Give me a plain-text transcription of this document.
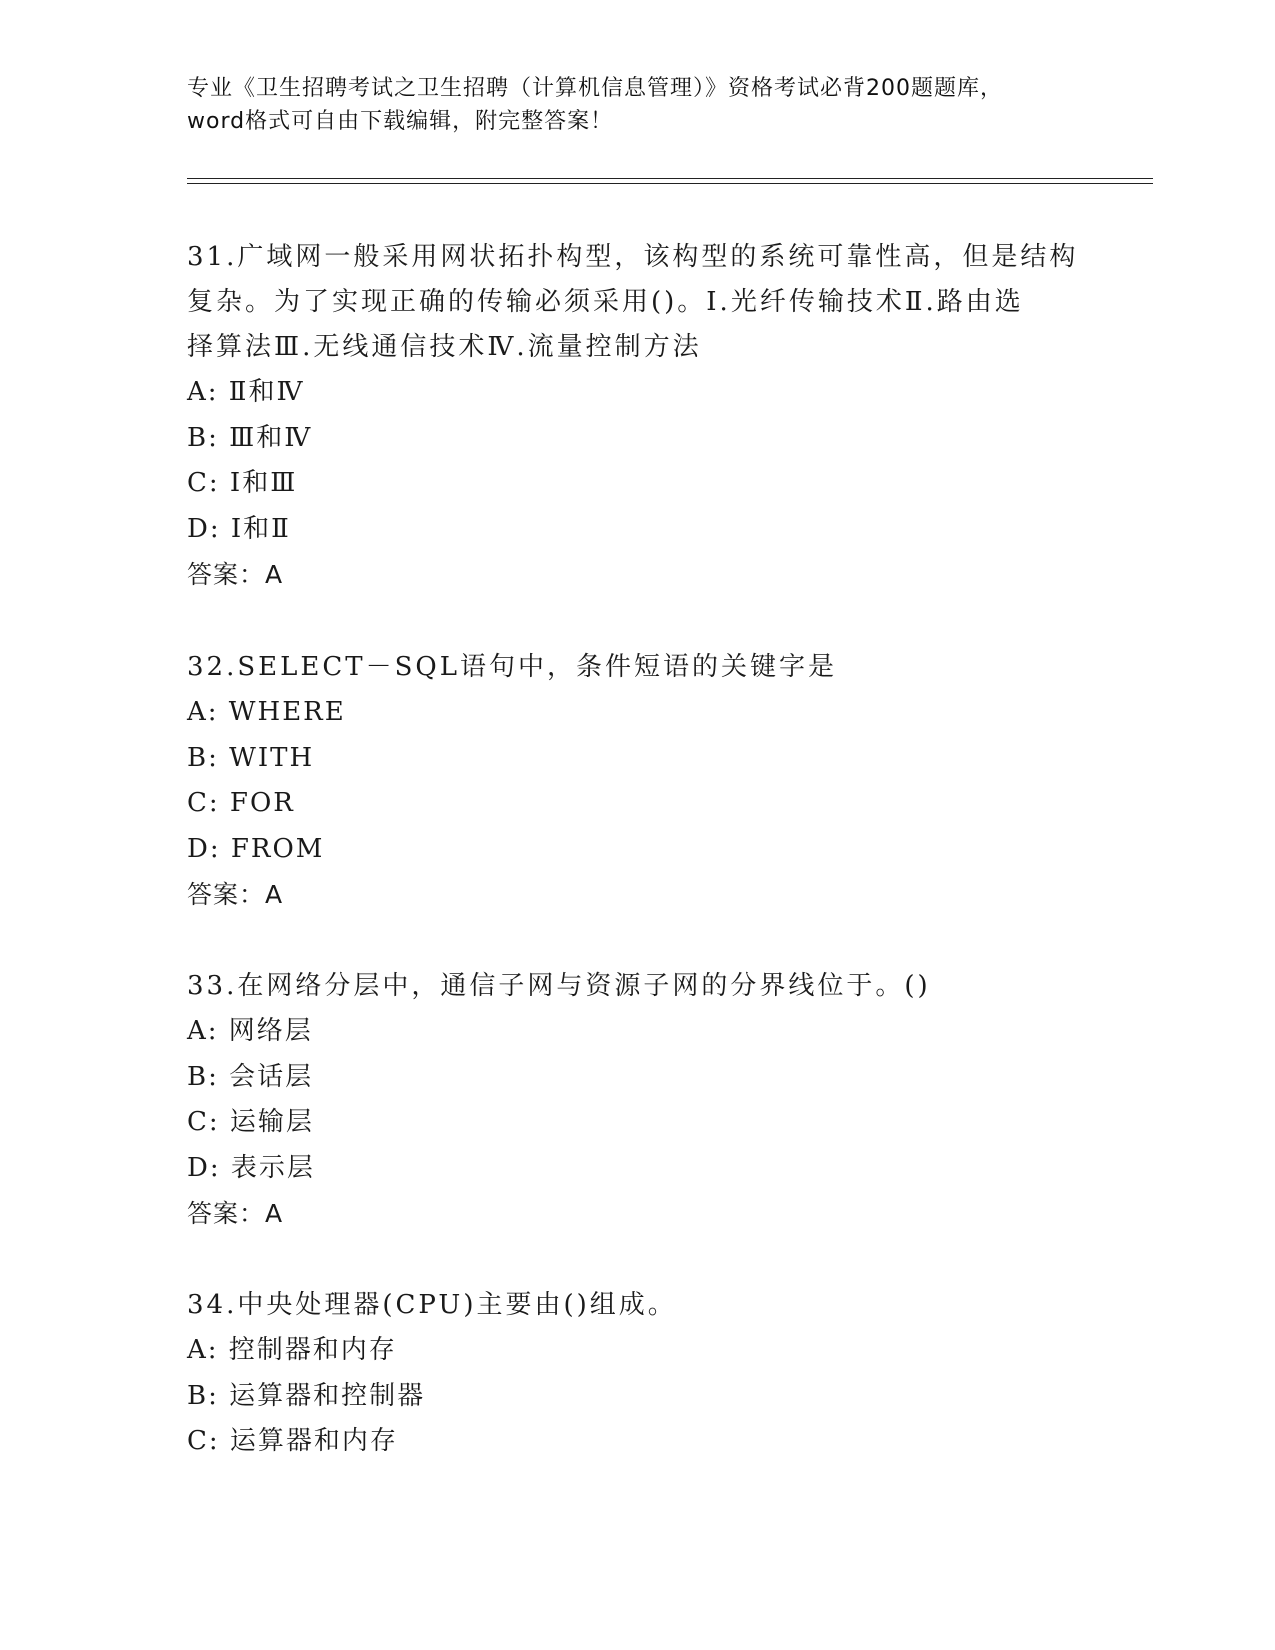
专业《卫生招聘考试之卫生招聘（计算机信息管理）》资格考试必背200题题库，
word格式可自由下载编辑，附完整答案！

31.广域网一般采用网状拓扑构型，该构型的系统可靠性高，但是结构

复杂。为了实现正确的传输必须采用()。Ⅰ.光纤传输技术Ⅱ.路由选

择算法Ⅲ.无线通信技术Ⅳ.流量控制方法

A: Ⅱ和Ⅳ

B: Ⅲ和Ⅳ

C: Ⅰ和Ⅲ

D: Ⅰ和Ⅱ

答案：A

32.SELECT－SQL语句中，条件短语的关键字是

A: WHERE

B: WITH

C: FOR

D: FROM

答案：A

33.在网络分层中，通信子网与资源子网的分界线位于。()

A: 网络层

B: 会话层

C: 运输层

D: 表示层

答案：A

34.中央处理器(CPU)主要由()组成。

A: 控制器和内存

B: 运算器和控制器

C: 运算器和内存
